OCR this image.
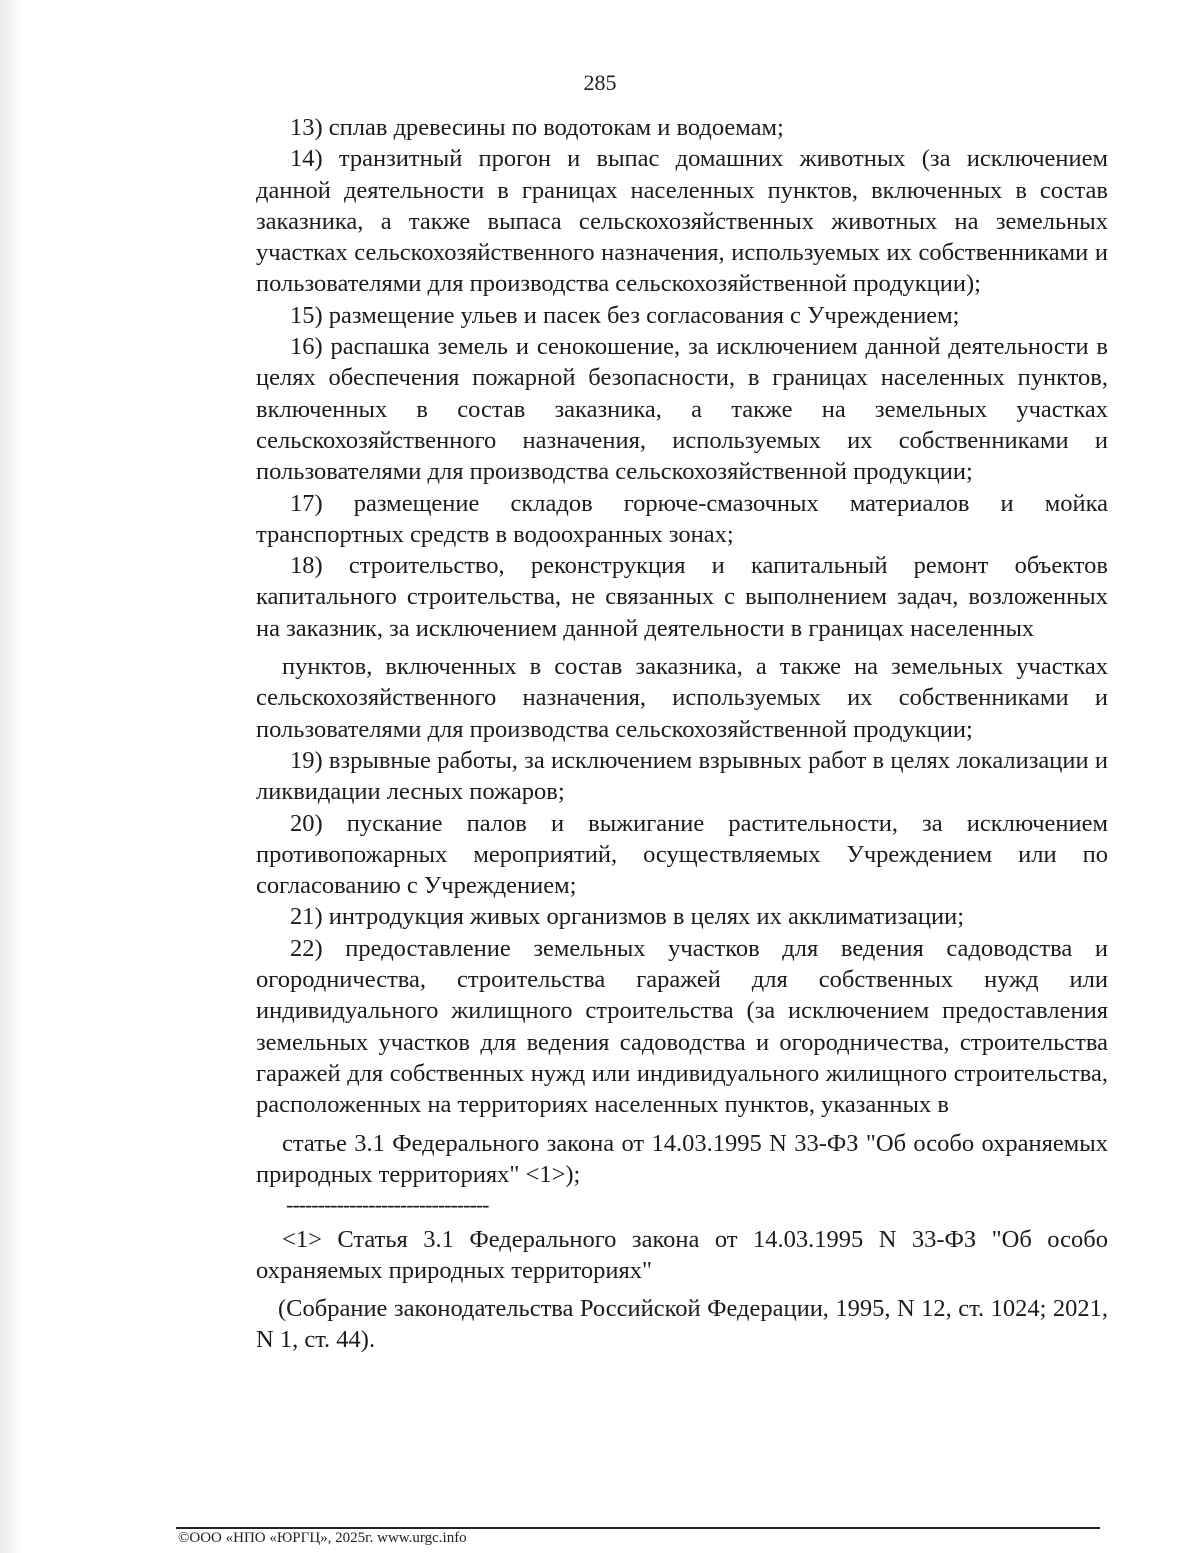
285

13) сплав древесины по водотокам и водоемам;

14) транзитный прогон и выпас домашних животных (за исключением данной деятельности в границах населенных пунктов, включенных в состав заказника, а также выпаса сельскохозяйственных животных на земельных участках сельскохозяйственного назначения, используемых их собственниками и пользователями для производства сельскохозяйственной продукции);

15) размещение ульев и пасек без согласования с Учреждением;

16) распашка земель и сенокошение, за исключением данной деятельности в целях обеспечения пожарной безопасности, в границах населенных пунктов, включенных в состав заказника, а также на земельных участках сельскохозяйственного назначения, используемых их собственниками и пользователями для производства сельскохозяйственной продукции;

17) размещение складов горюче-смазочных материалов и мойка транспортных средств в водоохранных зонах;

18) строительство, реконструкция и капитальный ремонт объектов капитального строительства, не связанных с выполнением задач, возложенных на заказник, за исключением данной деятельности в границах населенных

пунктов, включенных в состав заказника, а также на земельных участках сельскохозяйственного назначения, используемых их собственниками и пользователями для производства сельскохозяйственной продукции;

19) взрывные работы, за исключением взрывных работ в целях локализации и ликвидации лесных пожаров;

20) пускание палов и выжигание растительности, за исключением противопожарных мероприятий, осуществляемых Учреждением или по согласованию с Учреждением;

21) интродукция живых организмов в целях их акклиматизации;

22) предоставление земельных участков для ведения садоводства и огородничества, строительства гаражей для собственных нужд или индивидуального жилищного строительства (за исключением предоставления земельных участков для ведения садоводства и огородничества, строительства гаражей для собственных нужд или индивидуального жилищного строительства, расположенных на территориях населенных пунктов, указанных в

статье 3.1 Федерального закона от 14.03.1995 N 33-ФЗ "Об особо охраняемых природных территориях" <1>);

--------------------------------

<1> Статья 3.1 Федерального закона от 14.03.1995 N 33-ФЗ "Об особо охраняемых природных территориях"

(Собрание законодательства Российской Федерации, 1995, N 12, ст. 1024; 2021, N 1, ст. 44).

©ООО «НПО «ЮРГЦ», 2025г. www.urgc.info
